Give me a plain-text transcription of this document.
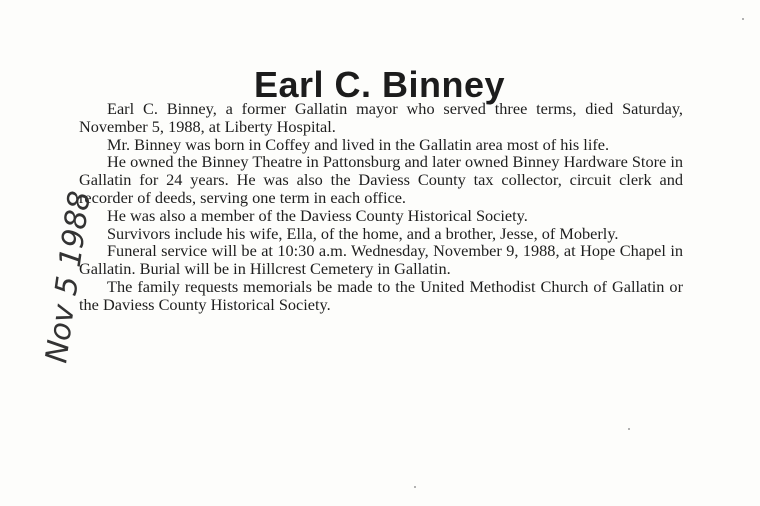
Earl C. Binney

Earl C. Binney, a former Gallatin mayor who served three terms, died Saturday, November 5, 1988, at Liberty Hospital.

Mr. Binney was born in Coffey and lived in the Gallatin area most of his life.

He owned the Binney Theatre in Pattonsburg and later owned Binney Hardware Store in Gallatin for 24 years. He was also the Daviess County tax collector, circuit clerk and recorder of deeds, serving one term in each office.

He was also a member of the Daviess County Historical Society.

Survivors include his wife, Ella, of the home, and a brother, Jesse, of Moberly.

Funeral service will be at 10:30 a.m. Wednesday, November 9, 1988, at Hope Chapel in Gallatin. Burial will be in Hillcrest Cemetery in Gallatin.

The family requests memorials be made to the United Methodist Church of Gallatin or the Daviess County Historical Society.

Nov 5 1988
